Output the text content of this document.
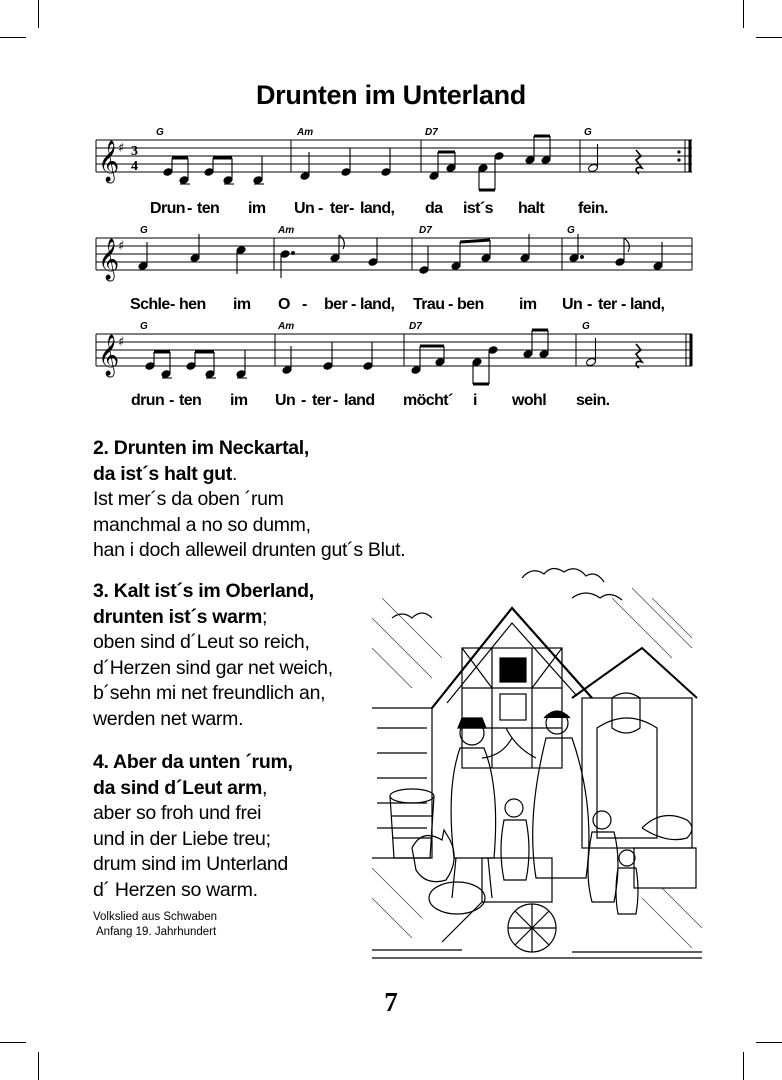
Drunten im Unterland
𝄞
♯ 3
4
G	Am	D7	G
Drun - ten im Un - ter - land, da ist´s halt fein.
𝄞
♯
G	Am	D7	G
Schle - hen im O - ber - land, Trau - ben im Un - ter - land,
𝄞
♯
G	Am	D7	G
drun - ten im Un - ter - land möcht´ i wohl sein.
2. Drunten im Neckartal,
da ist´s halt gut.
Ist mer´s da oben ´rum
manchmal a no so dumm,
han i doch alleweil drunten gut´s Blut.
3. Kalt ist´s im Oberland,
drunten ist´s warm;
oben sind d´Leut so reich,
d´Herzen sind gar net weich,
b´sehn mi net freundlich an,
werden net warm.
4. Aber da unten ´rum,
da sind d´Leut arm,
aber so froh und frei
und in der Liebe treu;
drum sind im Unterland
d´ Herzen so warm.
Volkslied aus Schwaben
Anfang 19. Jahrhundert
7
